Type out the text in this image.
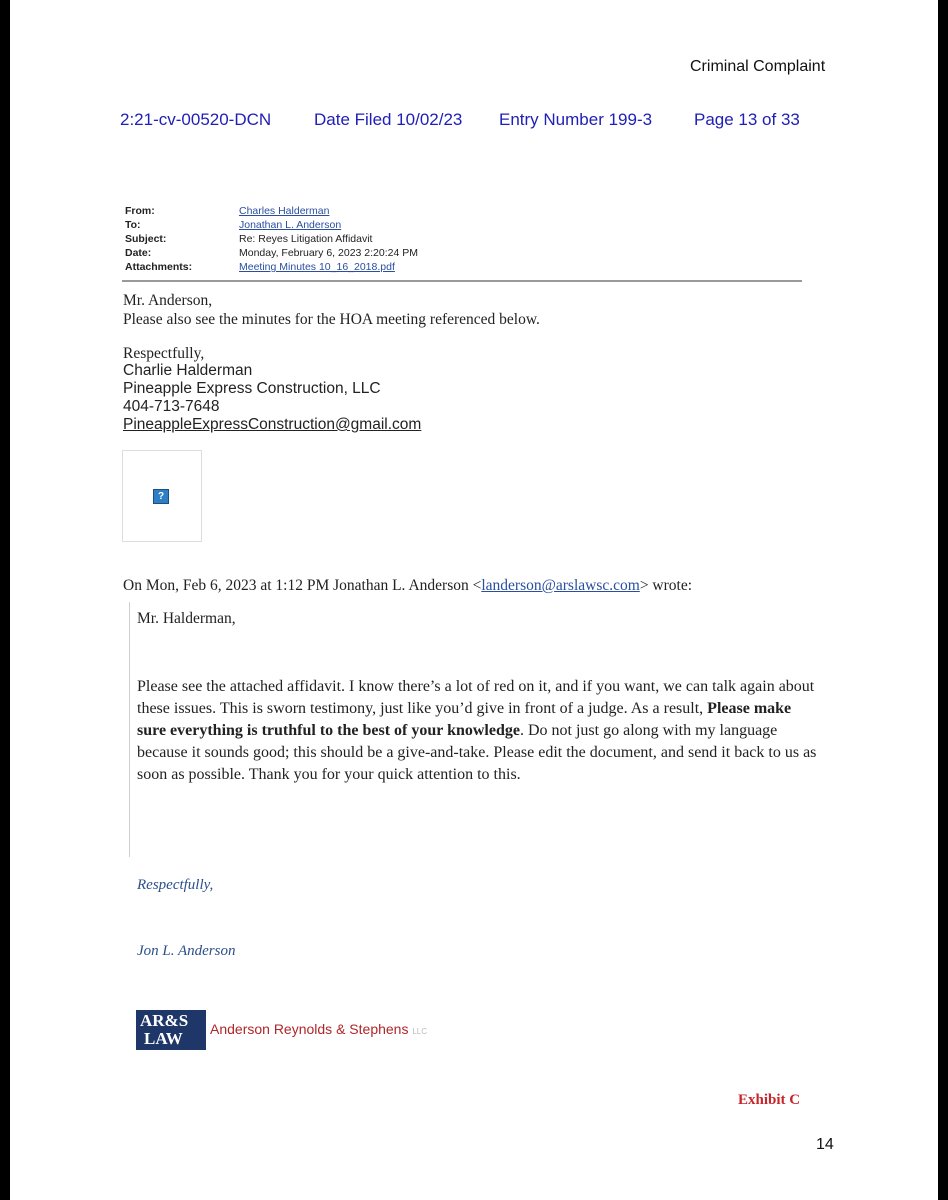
Criminal Complaint
2:21-cv-00520-DCN	Date Filed 10/02/23 Entry Number 199-3 Page 13 of 33
From:	Charles Halderman
To:	Jonathan L. Anderson
Subject:	Re: Reyes Litigation Affidavit
Date:	Monday, February 6, 2023 2:20:24 PM
Attachments:	Meeting Minutes 10_16_2018.pdf
Mr. Anderson,
Please also see the minutes for the HOA meeting referenced below.
Respectfully,
Charlie Halderman
Pineapple Express Construction, LLC
404-713-7648
PineappleExpressConstruction@gmail.com
?
On Mon, Feb 6, 2023 at 1:12 PM Jonathan L. Anderson <landerson@arslawsc.com> wrote:
Mr. Halderman,
Please see the attached affidavit. I know there’s a lot of red on it, and if you want, we can talk again about these issues. This is sworn testimony, just like you’d give in front of a judge. As a result, Please make sure everything is truthful to the best of your knowledge. Do not just go along with my language because it sounds good; this should be a give-and-take. Please edit the document, and send it back to us as soon as possible. Thank you for your quick attention to this.
Respectfully,
Jon L. Anderson
AR&S
LAW Anderson Reynolds & Stephens LLC
Exhibit C
14
